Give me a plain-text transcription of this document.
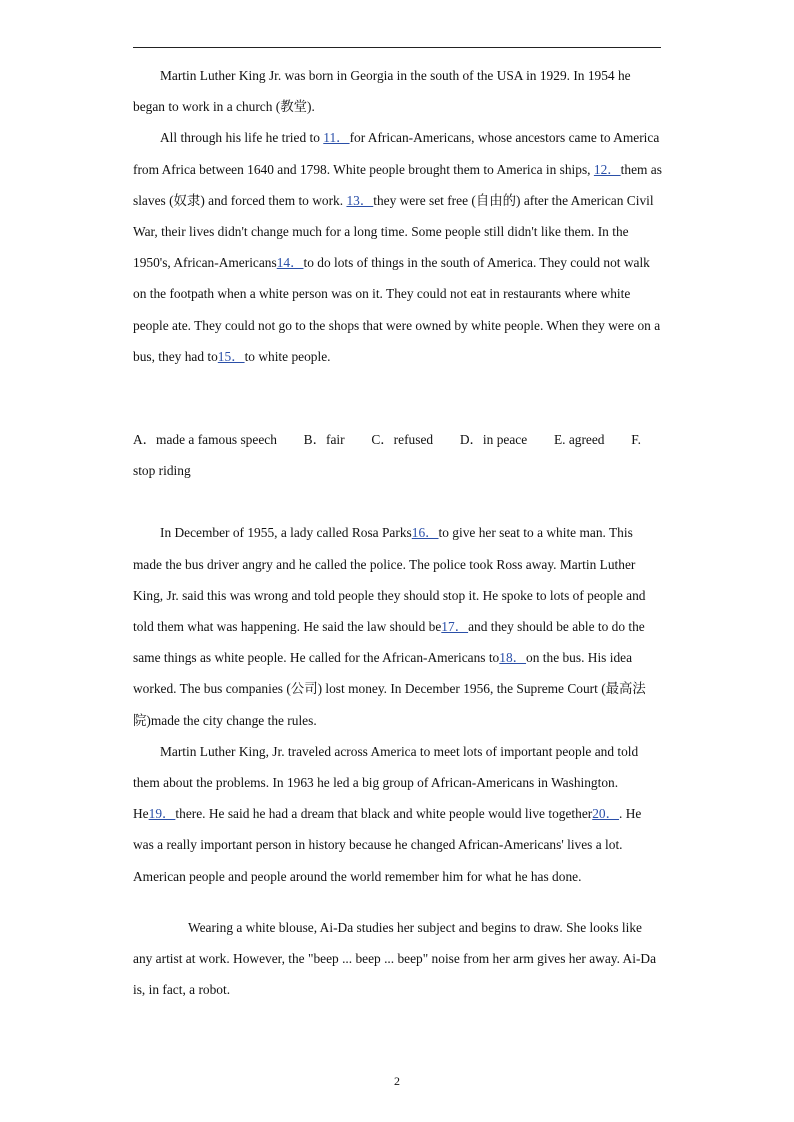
Martin Luther King Jr. was born in Georgia in the south of the USA in 1929. In 1954 he began to work in a church (教堂).

All through his life he tried to 11．for African-Americans, whose ancestors came to America from Africa between 1640 and 1798. White people brought them to America in ships, 12．them as slaves (奴隶) and forced them to work. 13．they were set free (自由的) after the American Civil War, their lives didn't change much for a long time. Some people still didn't like them. In the 1950's, African-Americans14．to do lots of things in the south of America. They could not walk on the footpath when a white person was on it. They could not eat in restaurants where white people ate. They could not go to the shops that were owned by white people. When they were on a bus, they had to15．to white people.

A．made a famous speech　　B．fair　　C．refused　　D．in peace　　E. agreed　　F. stop riding

In December of 1955, a lady called Rosa Parks16．to give her seat to a white man. This made the bus driver angry and he called the police. The police took Ross away. Martin Luther King, Jr. said this was wrong and told people they should stop it. He spoke to lots of people and told them what was happening. He said the law should be17．and they should be able to do the same things as white people. He called for the African-Americans to18．on the bus. His idea worked. The bus companies (公司) lost money. In December 1956, the Supreme Court (最高法院)made the city change the rules.

Martin Luther King, Jr. traveled across America to meet lots of important people and told them about the problems. In 1963 he led a big group of African-Americans in Washington. He19．there. He said he had a dream that black and white people would live together20．. He was a really important person in history because he changed African-Americans' lives a lot. American people and people around the world remember him for what he has done.

Wearing a white blouse, Ai-Da studies her subject and begins to draw. She looks like any artist at work. However, the "beep ... beep ... beep" noise from her arm gives her away. Ai-Da is, in fact, a robot.

2
